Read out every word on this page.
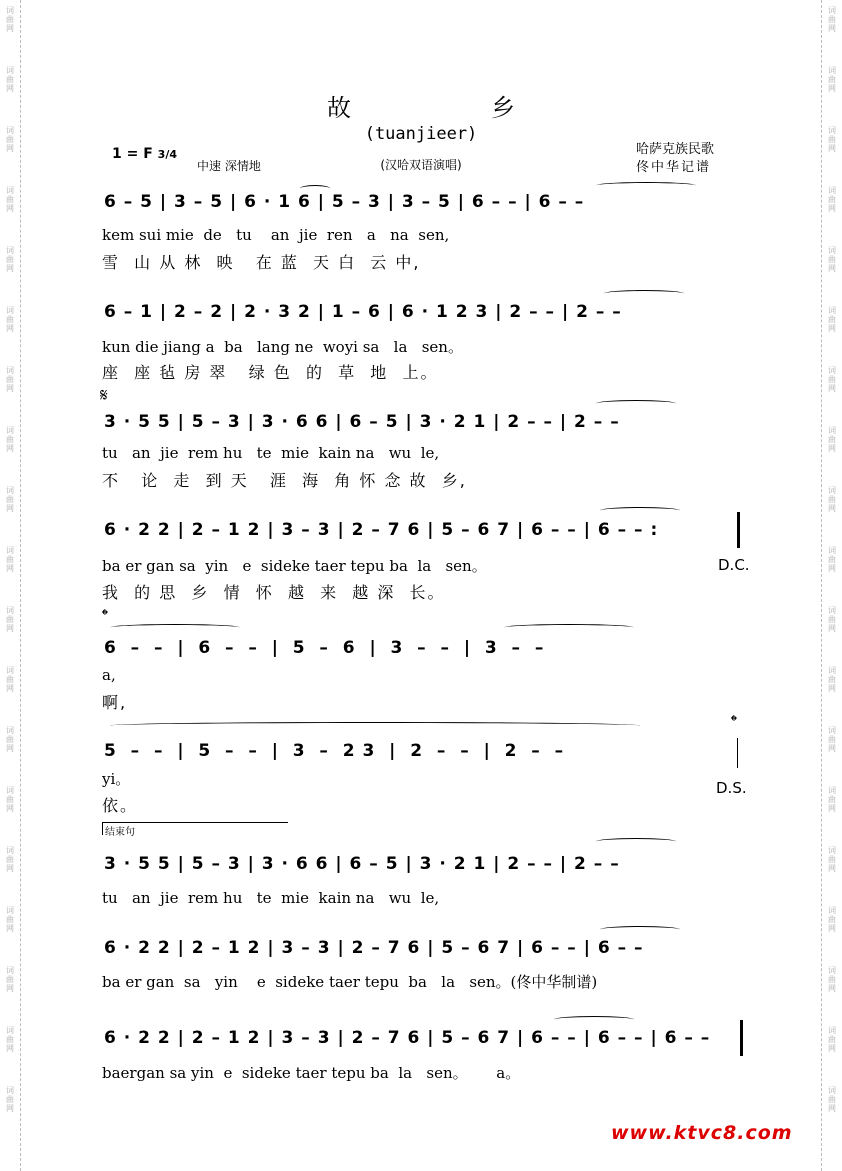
词
曲
网
词
曲
网
词
曲
网
词
曲
网
词
曲
网
词
曲
网
词
曲
网
词
曲
网
词
曲
网
词
曲
网
词
曲
网
词
曲
网
词
曲
网
词
曲
网
词
曲
网
词
曲
网
词
曲
网
词
曲
网
词
曲
网
词
曲
网
词
曲
网
词
曲
网
词
曲
网
词
曲
网
词
曲
网
词
曲
网
词
曲
网
词
曲
网
词
曲
网
词
曲
网
词
曲
网
词
曲
网
词
曲
网
词
曲
网
词
曲
网
词
曲
网
词
曲
网
词
曲
网
故乡
(tuanjieer)
(汉哈双语演唱)
1 = F 3/4
中速 深情地
哈萨克族民歌
佟中华记谱
6 – 5 | 3 – 5 | 6 · 1 6 | 5 – 3 | 3 – 5 | 6 – – | 6 – –
kem sui mie  de   tu    an  jie  ren   a   na  sen,
雪  山 从 林  映   在 蓝  天 白  云 中,
6 – 1 | 2 – 2 | 2 · 3 2 | 1 – 6 | 6 · 1 2 3 | 2 – – | 2 – –
kun die jiang a  ba   lang ne  woyi sa   la   sen。
座  座 毡 房 翠   绿 色  的  草  地  上。
𝄋
3 · 5 5 | 5 – 3 | 3 · 6 6 | 6 – 5 | 3 · 2 1 | 2 – – | 2 – –
tu   an  jie  rem hu   te  mie  kain na   wu  le,
不   论  走  到 天   涯  海  角 怀 念 故  乡,
6 · 2 2 | 2 – 1 2 | 3 – 3 | 2 – 7 6 | 5 – 6 7 | 6 – – | 6 – – :
ba er gan sa  yin   e  sideke taer tepu ba  la   sen。
我  的 思  乡  情  怀  越  来  越 深  长。
D.C.
𝄌
6  –  –  |  6  –  –  |  5  –  6  |  3  –  –  |  3  –  –
a,
啊,
𝄌
5  –  –  |  5  –  –  |  3  –  2 3  |  2  –  –  |  2  –  –
yi。
依。
D.S.
结束句
3 · 5 5 | 5 – 3 | 3 · 6 6 | 6 – 5 | 3 · 2 1 | 2 – – | 2 – –
tu   an  jie  rem hu   te  mie  kain na   wu  le,
6 · 2 2 | 2 – 1 2 | 3 – 3 | 2 – 7 6 | 5 – 6 7 | 6 – – | 6 – –
ba er gan  sa   yin    e  sideke taer tepu  ba   la   sen。(佟中华制谱)
6 · 2 2 | 2 – 1 2 | 3 – 3 | 2 – 7 6 | 5 – 6 7 | 6 – – | 6 – – | 6 – –
baergan sa yin  e  sideke taer tepu ba  la   sen。      a。
www.ktvc8.com
